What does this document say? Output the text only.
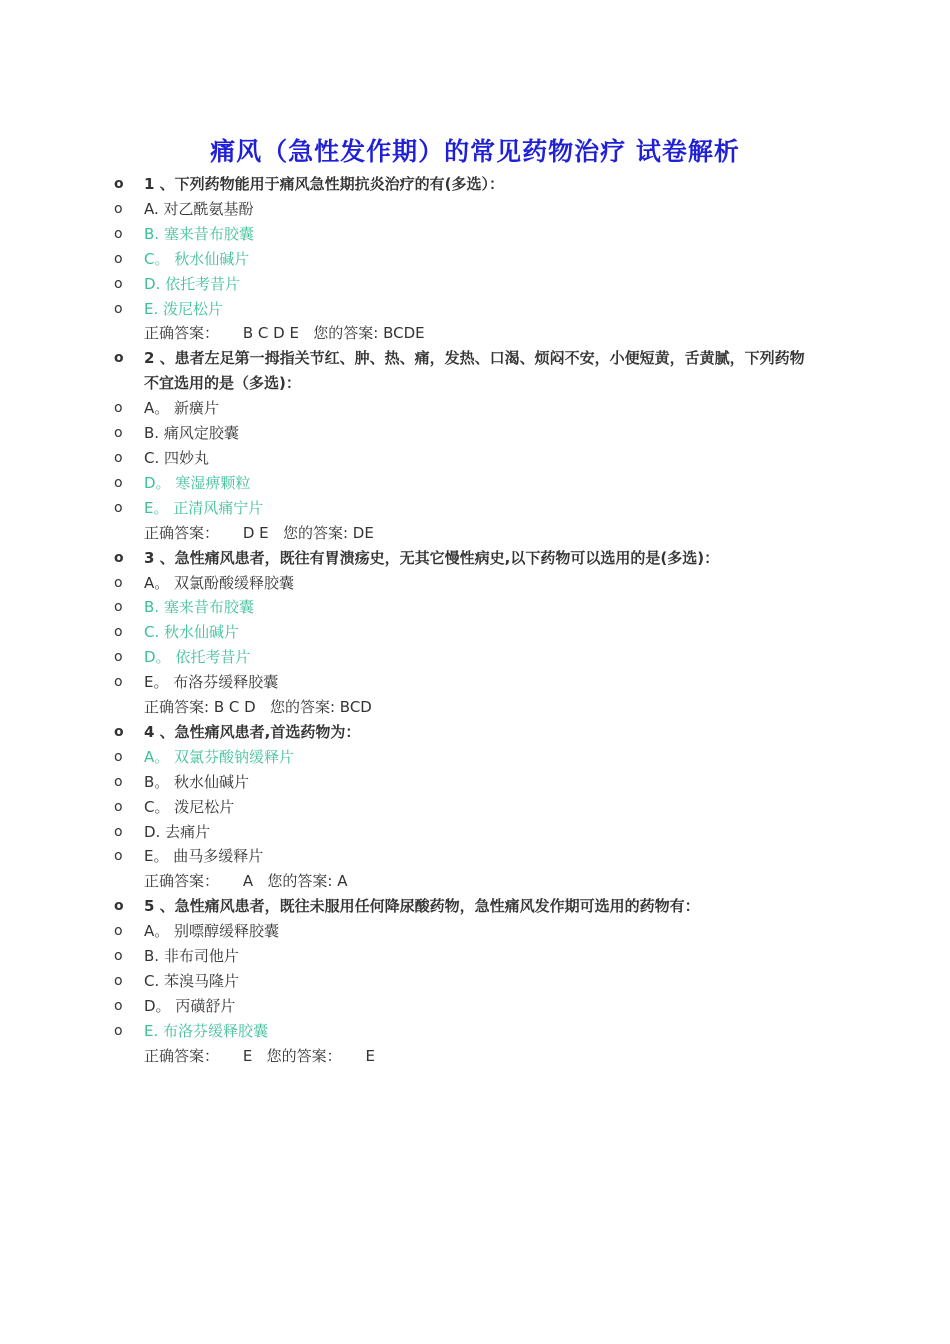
痛风（急性发作期）的常见药物治疗 试卷解析
o	1 、下列药物能用于痛风急性期抗炎治疗的有(多选）：
o	A. 对乙酰氨基酚
o	B. 塞来昔布胶囊
o	C。 秋水仙碱片
o	D. 依托考昔片
o	E. 泼尼松片
正确答案：     B C D E   您的答案: BCDE
o	2 、患者左足第一拇指关节红、肿、热、痛，发热、口渴、烦闷不安，小便短黄，舌黄腻，下列药物不宜选用的是（多选)：
o	A。 新癀片
o	B. 痛风定胶囊
o	C. 四妙丸
o	D。 寒湿痹颗粒
o	E。 正清风痛宁片
正确答案：     D E   您的答案: DE
o	3 、急性痛风患者，既往有胃溃疡史，无其它慢性病史,以下药物可以选用的是(多选)：
o	A。 双氯酚酸缓释胶囊
o	B. 塞来昔布胶囊
o	C. 秋水仙碱片
o	D。 依托考昔片
o	E。 布洛芬缓释胶囊
正确答案: B C D   您的答案: BCD
o	4 、急性痛风患者,首选药物为：
o	A。 双氯芬酸钠缓释片
o	B。 秋水仙碱片
o	C。 泼尼松片
o	D. 去痛片
o	E。 曲马多缓释片
正确答案：     A   您的答案: A
o	5 、急性痛风患者，既往未服用任何降尿酸药物，急性痛风发作期可选用的药物有：
o	A。 别嘌醇缓释胶囊
o	B. 非布司他片
o	C. 苯溴马隆片
o	D。 丙磺舒片
o	E. 布洛芬缓释胶囊
正确答案：     E   您的答案：     E
